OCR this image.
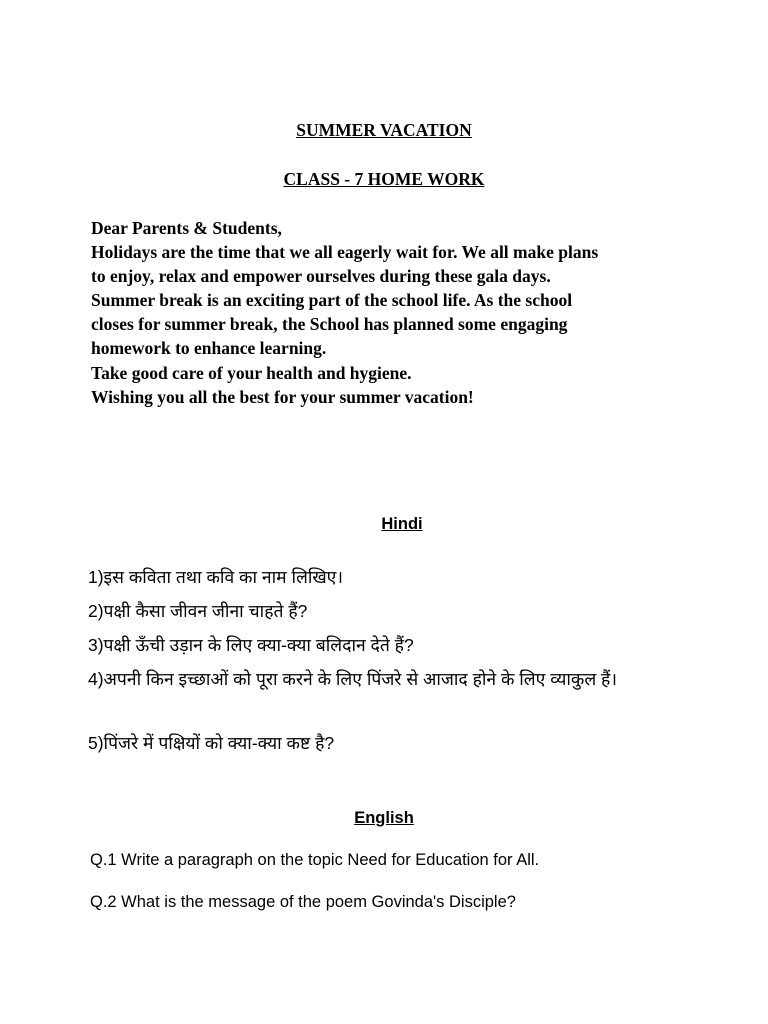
SUMMER VACATION
CLASS - 7 HOME WORK
Dear Parents & Students,
Holidays are the time that we all eagerly wait for. We all make plans
to enjoy, relax and empower ourselves during these gala days.
Summer break is an exciting part of the school life. As the school
closes for summer break, the School has planned some engaging
homework to enhance learning.
Take good care of your health and hygiene.
Wishing you all the best for your summer vacation!
Hindi
1)इस कविता तथा कवि का नाम लिखिए।
2)पक्षी कैसा जीवन जीना चाहते हैं?
3)पक्षी ऊँची उड़ान के लिए क्या-क्या बलिदान देते हैं?
4)अपनी किन इच्छाओं को पूरा करने के लिए पिंजरे से आजाद होने के लिए व्याकुल हैं।
5)पिंजरे में पक्षियों को क्या-क्या कष्ट है?
English
Q.1 Write a paragraph on the topic Need for Education for All.
Q.2 What is the message of the poem Govinda's Disciple?
